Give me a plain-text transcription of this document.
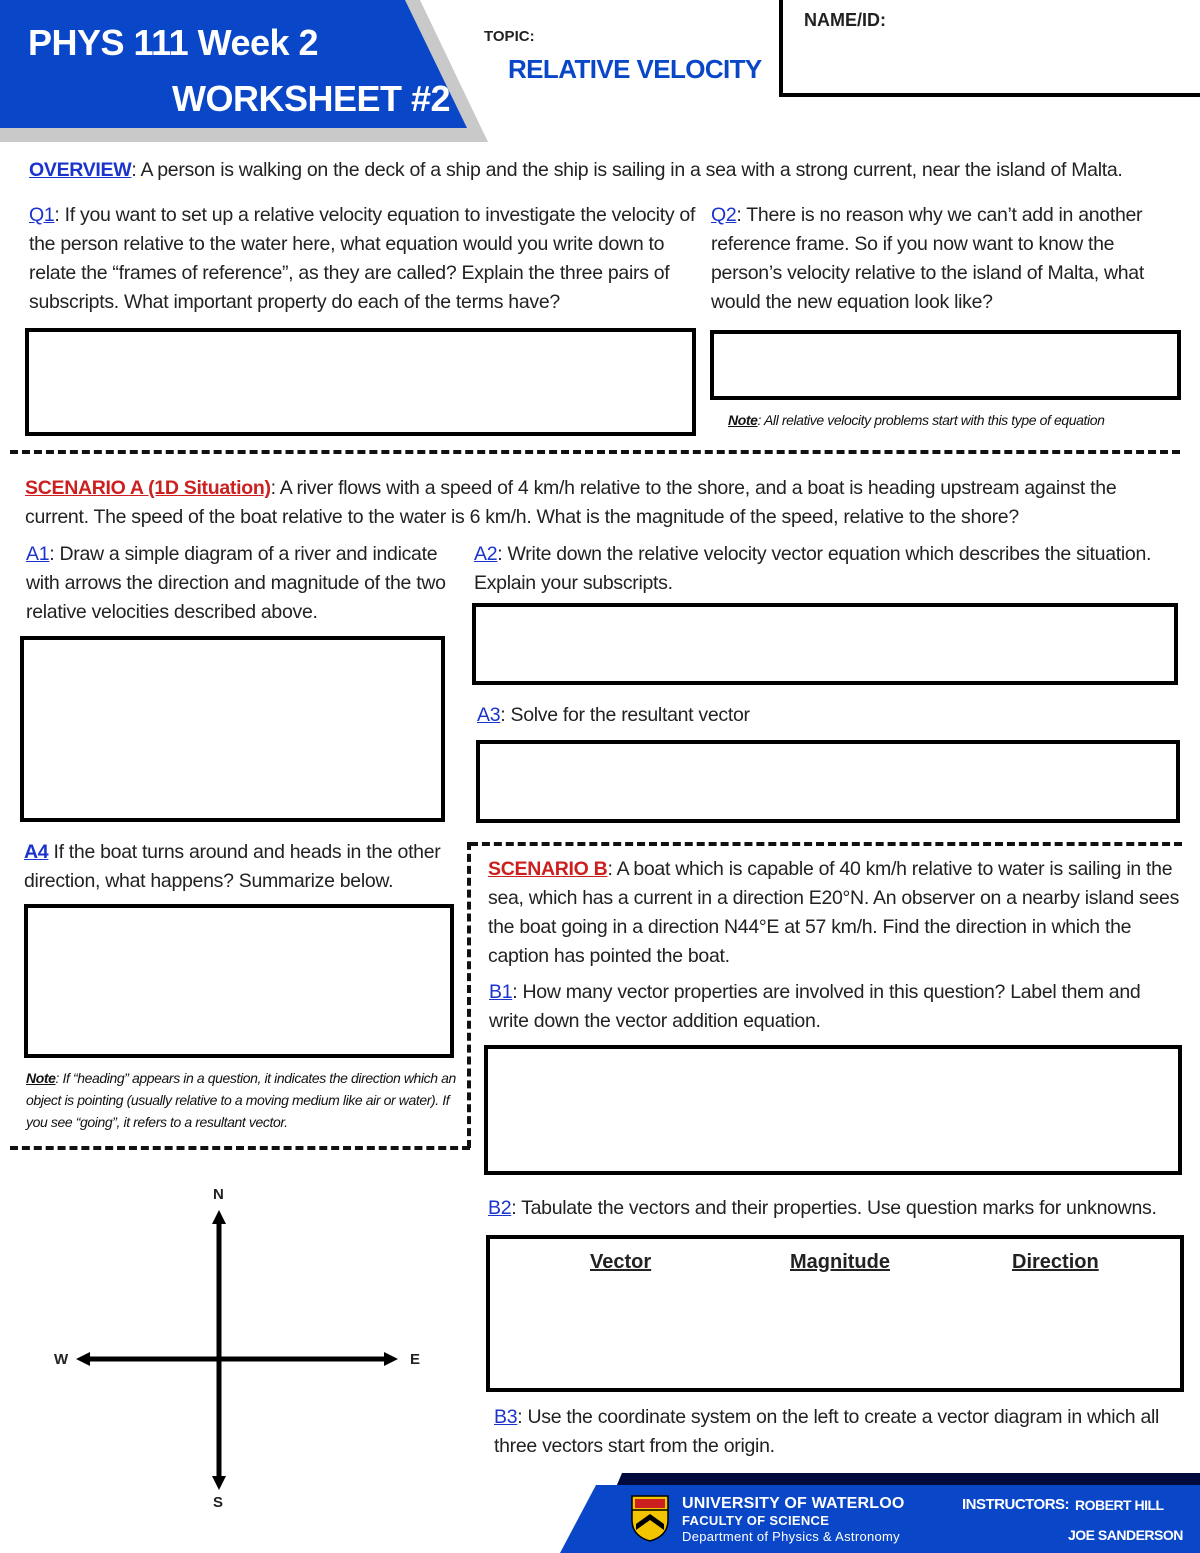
PHYS 111 Week 2
WORKSHEET #2
TOPIC:
RELATIVE VELOCITY
NAME/ID:
OVERVIEW: A person is walking on the deck of a ship and the ship is sailing in a sea with a strong current, near the island of Malta.
Q1: If you want to set up a relative velocity equation to investigate the velocity of the person relative to the water here, what equation would you write down to relate the “frames of reference”, as they are called? Explain the three pairs of subscripts. What important property do each of the terms have?
Q2: There is no reason why we can’t add in another reference frame. So if you now want to know the person’s velocity relative to the island of Malta, what would the new equation look like?
Note: All relative velocity problems start with this type of equation
SCENARIO A (1D Situation): A river flows with a speed of 4 km/h relative to the shore, and a boat is heading upstream against the current. The speed of the boat relative to the water is 6 km/h. What is the magnitude of the speed, relative to the shore?
A1: Draw a simple diagram of a river and indicate with arrows the direction and magnitude of the two relative velocities described above.
A2: Write down the relative velocity vector equation which describes the situation. Explain your subscripts.
A3: Solve for the resultant vector
A4 If the boat turns around and heads in the other direction, what happens? Summarize below.
Note: If “heading” appears in a question, it indicates the direction which an object is pointing (usually relative to a moving medium like air or water). If you see “going”, it refers to a resultant vector.
SCENARIO B: A boat which is capable of 40 km/h relative to water is sailing in the sea, which has a current in a direction E20°N. An observer on a nearby island sees the boat going in a direction N44°E at 57 km/h. Find the direction in which the caption has pointed the boat.
B1: How many vector properties are involved in this question? Label them and write down the vector addition equation.
B2: Tabulate the vectors and their properties. Use question marks for unknowns.
Vector	Magnitude	Direction
B3: Use the coordinate system on the left to create a vector diagram in which all three vectors start from the origin.
N
S
E
W
UNIVERSITY OF WATERLOO
FACULTY OF SCIENCE
Department of Physics & Astronomy
INSTRUCTORS: ROBERT HILL
JOE SANDERSON
